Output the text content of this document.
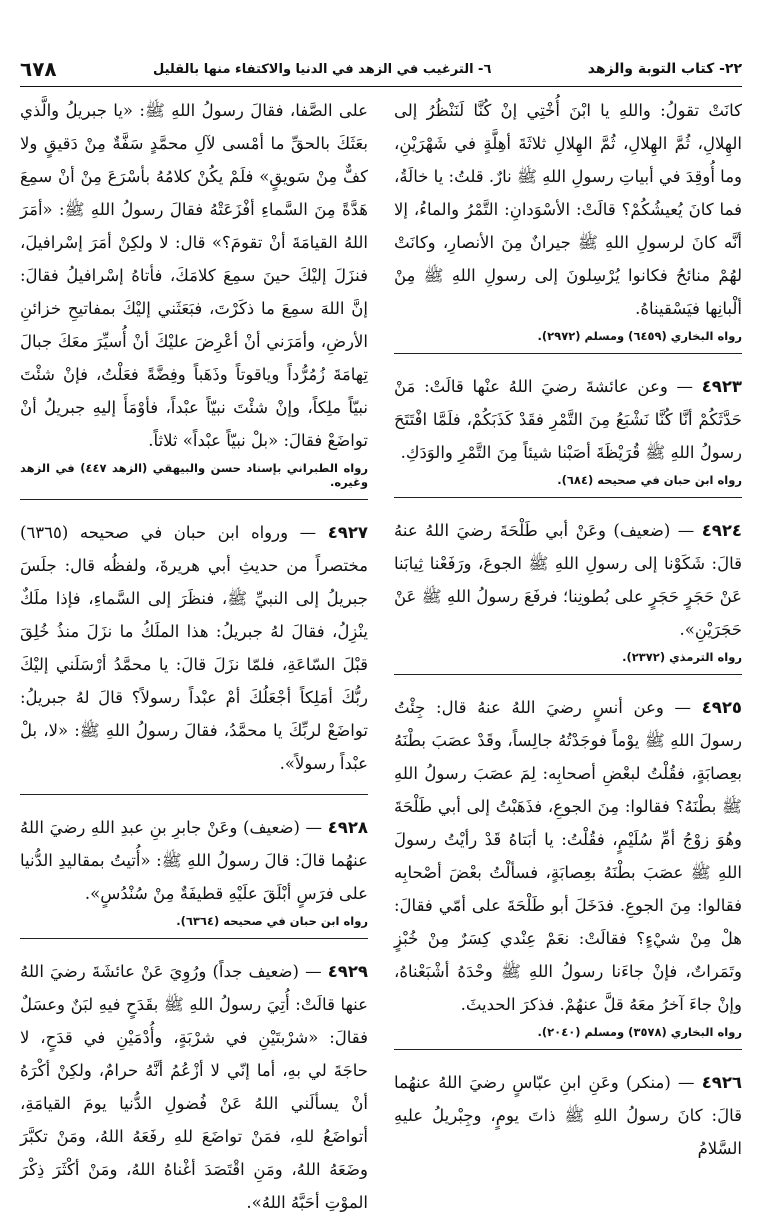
٢٢- كتاب التوبة والزهد
٦- الترغيب في الزهد في الدنيا والاكتفاء منها بالقليل
٦٧٨

كانَتْ تقولُ: واللهِ يا ابْنَ أُخْتِي إنْ كُنَّا لَنَنْظُرُ إلى الهِلالِ، ثُمَّ الهِلالِ، ثُمَّ الهِلالِ ثلاثَةَ أهِلَّةٍ في شَهْرَيْنِ، وما أُوقِدَ في أبياتِ رسولِ اللهِ ﷺ نارٌ. قلتُ: يا خالَةُ، فما كانَ يُعيشُكُمْ؟ قالَتْ: الأسْوَدانِ: التَّمْرُ والماءُ، إلا أنَّه كانَ لرسولِ اللهِ ﷺ جيرانٌ مِنَ الأنصارِ، وكانَتْ لهُمْ منائحُ فكانوا يُرْسِلونَ إلى رسولِ اللهِ ﷺ مِنْ ألْبانِها فيَسْقيناهُ.

رواه البخاري (٦٤٥٩) ومسلم (٢٩٧٢).

٤٩٢٣ — وعن عائشةَ رضيَ اللهُ عنْها قالَتْ: مَنْ حَدَّثَكُمْ أنَّا كُنَّا نَشْبَعُ مِنَ التَّمْرِ فقَدْ كَذَبَكُمْ، فلَمَّا افْتَتَحَ رسولُ اللهِ ﷺ قُرَيْظَةَ أصَبْنا شيئاً مِنَ التَّمْرِ والوَدَكِ.

رواه ابن حبان في صحيحه (٦٨٤).

٤٩٢٤ — (ضعيف) وعَنْ أبي طَلْحَةَ رضيَ اللهُ عنهُ قالَ: شَكَوْنا إلى رسولِ اللهِ ﷺ الجوعَ، ورَفَعْنا ثِيابَنا عَنْ حَجَرٍ حَجَرٍ على بُطونِنا؛ فرفَعَ رسولُ اللهِ ﷺ عَنْ حَجَرَيْنِ».

رواه الترمذي (٢٣٧٢).

٤٩٢٥ — وعن أنسٍ رضيَ اللهُ عنهُ قال: جِئْتُ رسولَ اللهِ ﷺ يوْماً فوجَدْتُهُ جالِساً، وقَدْ عصَبَ بطْنَهُ بعِصابَةٍ، فقُلْتُ لبعْضِ أصحابِه: لِمَ عصَبَ رسولُ اللهِ ﷺ بطْنَهُ؟ فقالوا: مِنَ الجوعِ، فذَهَبْتُ إلى أبي طَلْحَةَ وهُوَ زوْجُ أمِّ سُلَيْمٍ، فقُلْتُ: يا أبَتاهُ قَدْ رأيْتُ رسولَ اللهِ ﷺ عصَبَ بطْنَهُ بعِصابَةٍ، فسألْتُ بعْضَ أصْحابِه فقالوا: مِنَ الجوعِ. فدَخَلَ أبو طَلْحَةَ على أمّي فقالَ: هلْ مِنْ شيْءٍ؟ فقالَتْ: نعَمْ عِنْدي كِسَرٌ مِنْ خُبْزٍ وتَمَراتٌ، فإنْ جاءَنا رسولُ اللهِ ﷺ وحْدَهُ أشْبَعْناهُ، وإنْ جاءَ آخرُ معَهُ قلَّ عنهُمْ. فذكرَ الحديثَ.

رواه البخاري (٣٥٧٨) ومسلم (٢٠٤٠).

٤٩٢٦ — (منكر) وعَنِ ابنِ عبّاسٍ رضيَ اللهُ عنهُما قالَ: كانَ رسولُ اللهِ ﷺ ذاتَ يومٍ، وجِبْريلُ عليهِ السَّلامُ

على الصَّفا، فقالَ رسولُ اللهِ ﷺ: «يا جبريلُ والَّذي بعَثَكَ بالحقِّ ما أمْسى لآلِ محمَّدٍ سَفَّةٌ مِنْ دَقيقٍ ولا كفٌّ مِنْ سَويقٍ» فلَمْ يكُنْ كلامُهُ بأسْرَعَ مِنْ أنْ سمِعَ هَدَّةً مِنَ السَّماءِ أفْزَعَتْهُ فقالَ رسولُ اللهِ ﷺ: «أمَرَ اللهُ القيامَةَ أنْ تقومَ؟» قال: لا ولكِنْ أمَرَ إسْرافيلَ، فنزَلَ إليْكَ حينَ سمِعَ كلامَكَ، فأتاهُ إسْرافيلُ فقالَ: إنَّ اللهَ سمِعَ ما ذكَرْتَ، فبَعَثَني إليْكَ بمفاتيحِ خزائنِ الأرضِ، وأمَرَني أنْ أعْرِضَ عليْكَ أنْ أُسيِّرَ معَكَ جبالَ تِهامَةَ زُمُرُّداً وياقوتاً وذَهَباً وفِضَّةً فعَلْتُ، فإنْ شئْتَ نبيّاً ملِكاً، وإنْ شئْتَ نبيّاً عبْداً، فأوْمَأَ إليهِ جبريلُ أنْ تواضَعْ فقالَ: «بلْ نبيّاً عبْداً» ثلاثاً.

رواه الطبراني بإسناد حسن والبيهقي (الزهد ٤٤٧) في الزهد وغيره.

٤٩٢٧ — ورواه ابن حبان في صحيحه (٦٣٦٥) مختصراً من حديثِ أبي هريرةَ، ولفظُه قال: جلَسَ جبريلُ إلى النبيِّ ﷺ، فنظَرَ إلى السَّماءِ، فإذا ملَكٌ ينْزِلُ، فقالَ لهُ جبريلُ: هذا الملَكُ ما نزَلَ منذُ خُلِقَ قبْلَ السّاعَةِ، فلمّا نزَلَ قالَ: يا محمَّدُ أرْسَلَني إليْكَ ربُّكَ أمَلِكاً أجْعَلُكَ أمْ عبْداً رسولاً؟ قالَ لهُ جبريلُ: تواضَعْ لربِّكَ يا محمَّدُ، فقالَ رسولُ اللهِ ﷺ: «لا، بلْ عبْداً رسولاً».

٤٩٢٨ — (ضعيف) وعَنْ جابرِ بنِ عبدِ اللهِ رضيَ اللهُ عنهُما قالَ: قالَ رسولُ اللهِ ﷺ: «أُتيتُ بمقاليدِ الدُّنيا على فرَسٍ أبْلَقَ علَيْهِ قطيفَةٌ مِنْ سُنْدُسٍ».

رواه ابن حبان في صحيحه (٦٣٦٤).

٤٩٢٩ — (ضعيف جداً) ورُوِيَ عَنْ عائشَةَ رضيَ اللهُ عنها قالَتْ: أُتِيَ رسولُ اللهِ ﷺ بقَدَحٍ فيهِ لبَنٌ وعسَلٌ فقالَ: «شرْبتَيْنِ في شرْبَةٍ، وأُدْمَيْنِ في قدَحٍ، لا حاجَةَ لي بهِ، أما إنّي لا أزْعُمُ أنَّهُ حرامٌ، ولكِنْ أكْرَهُ أنْ يسألَني اللهُ عَنْ فُضولِ الدُّنيا يومَ القيامَةِ، أتواضَعُ للهِ، فمَنْ تواضَعَ للهِ رفَعَهُ اللهُ، ومَنْ تكبَّرَ وضَعَهُ اللهُ، ومَنِ اقْتَصَدَ أغْناهُ اللهُ، ومَنْ أكْثَرَ ذِكْرَ الموْتِ أحَبَّهُ اللهُ».
